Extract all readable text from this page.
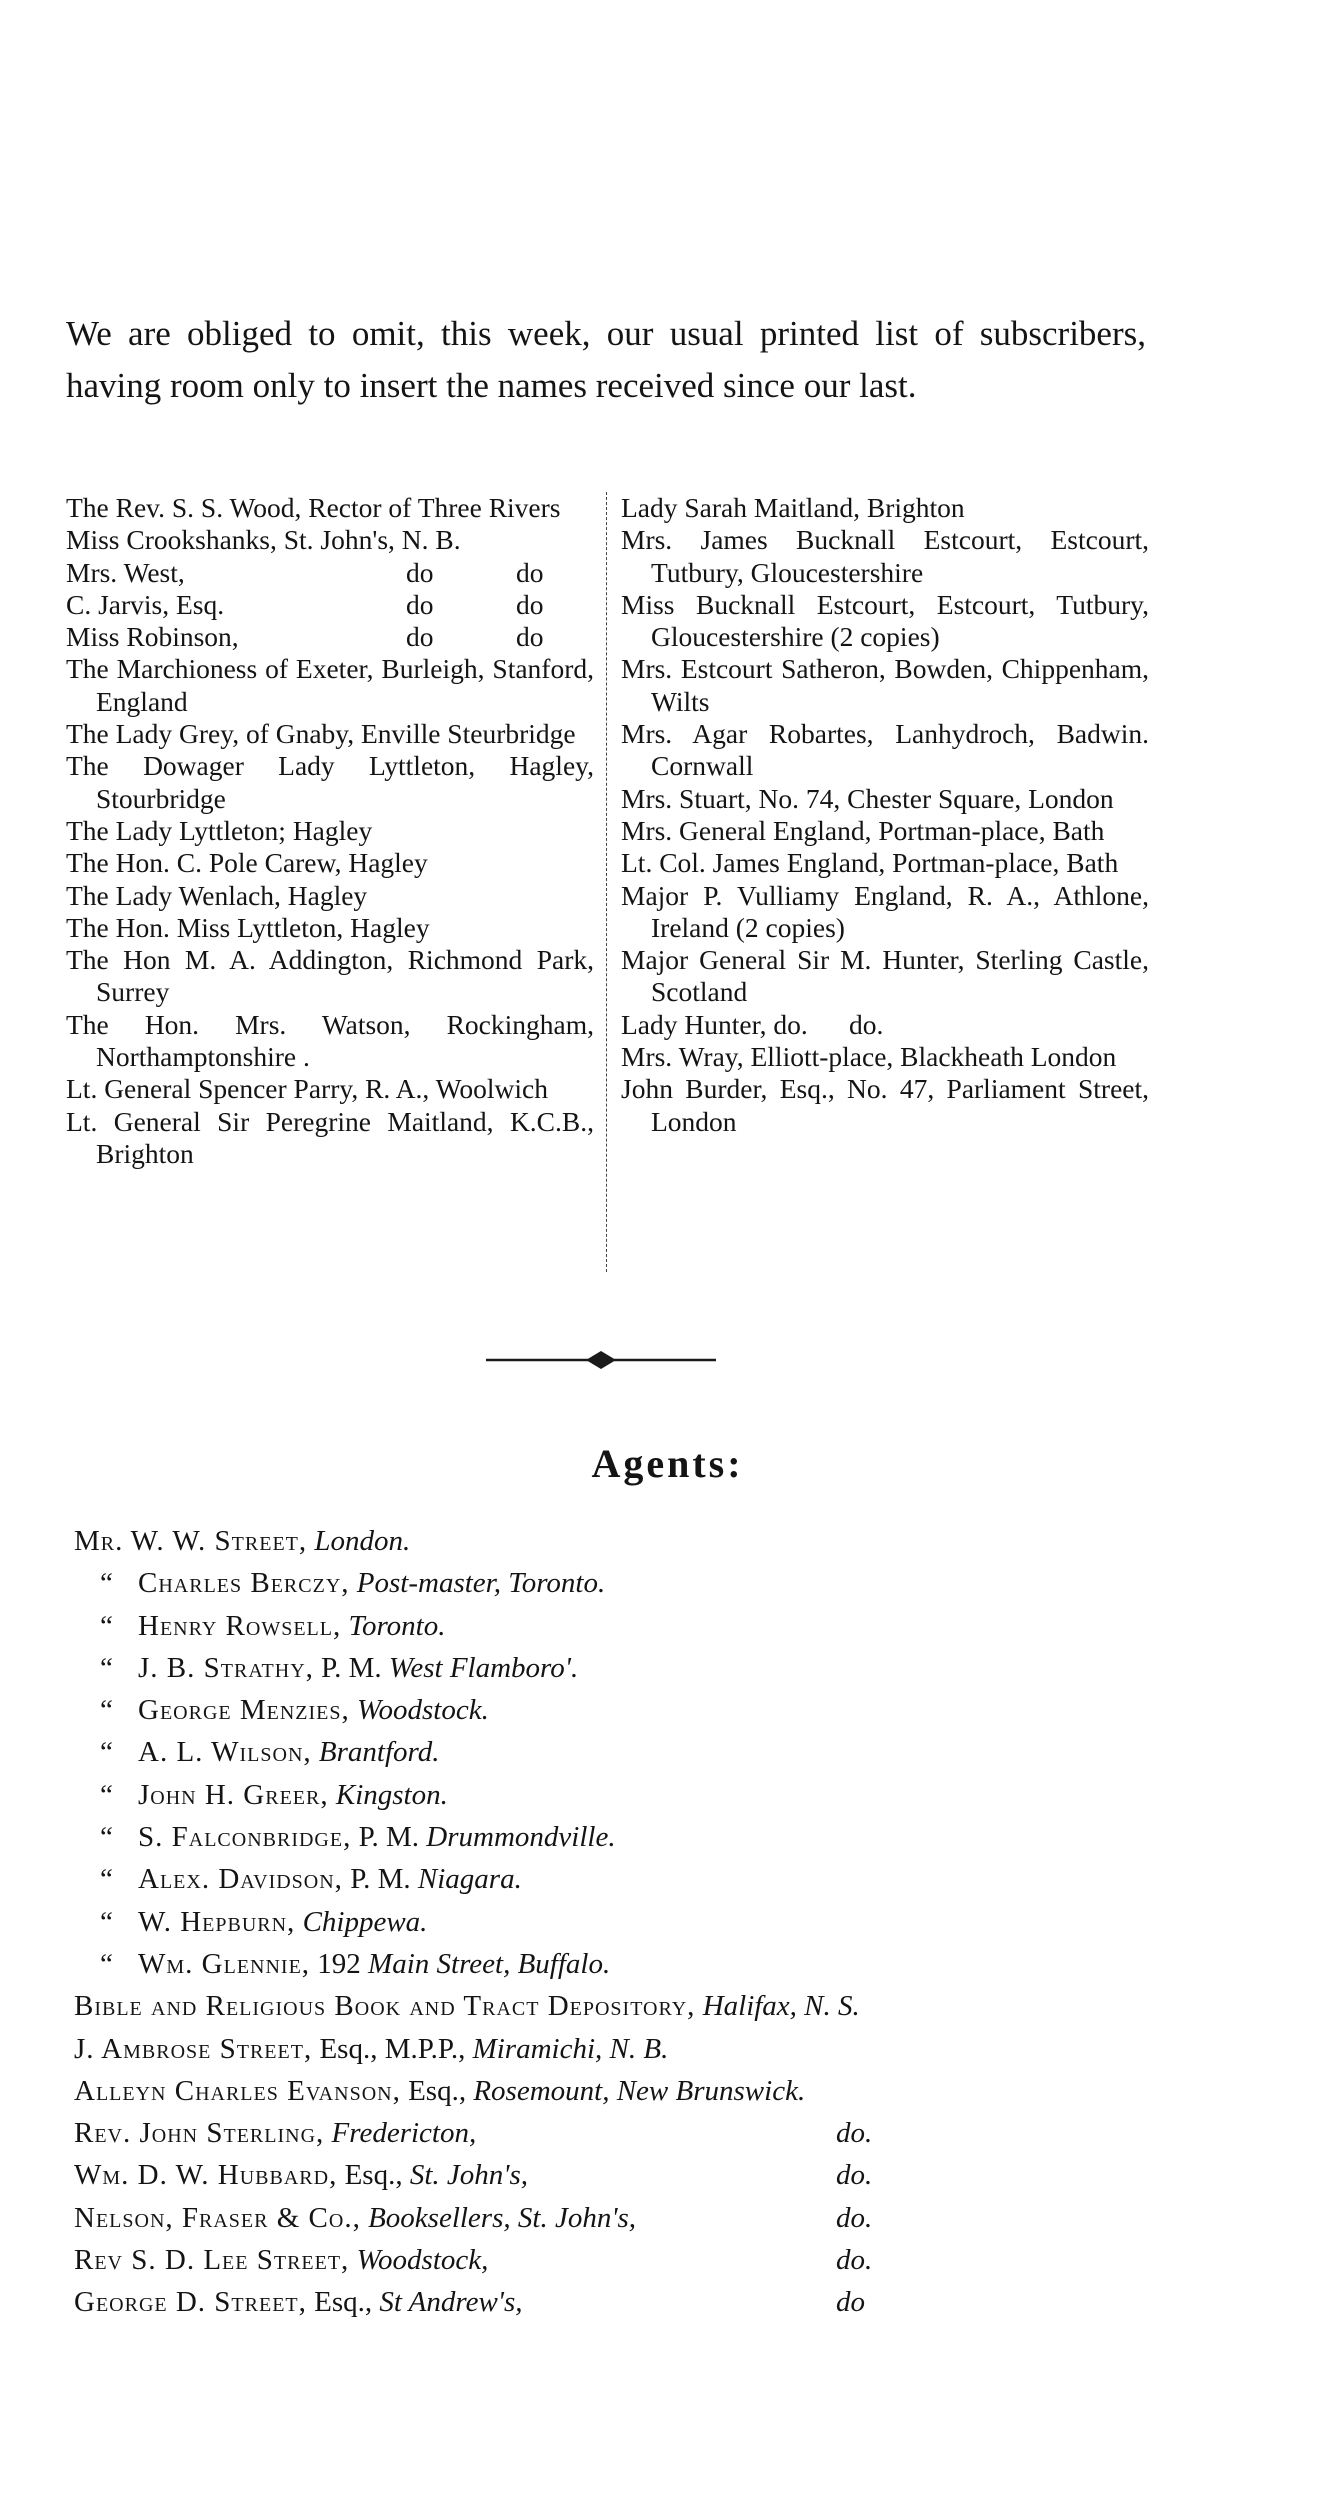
We are obliged to omit, this week, our usual printed list of subscribers, having room only to insert the names received since our last.

The Rev. S. S. Wood, Rector of Three Rivers
Miss Crookshanks, St. John's, N. B.
Mrs. West,	do	do
C. Jarvis, Esq.	do	do
Miss Robinson,	do	do
The Marchioness of Exeter, Burleigh, Stanford, England
The Lady Grey, of Gnaby, Enville Steurbridge
The Dowager Lady Lyttleton, Hagley, Stourbridge
The Lady Lyttleton; Hagley
The Hon. C. Pole Carew, Hagley
The Lady Wenlach, Hagley
The Hon. Miss Lyttleton, Hagley
The Hon M. A. Addington, Richmond Park, Surrey
The Hon. Mrs. Watson, Rockingham, Northamptonshire .
Lt. General Spencer Parry, R. A., Woolwich
Lt. General Sir Peregrine Maitland, K.C.B., Brighton
Lady Sarah Maitland, Brighton
Mrs. James Bucknall Estcourt, Estcourt, Tutbury, Gloucestershire
Miss Bucknall Estcourt, Estcourt, Tutbury, Gloucestershire (2 copies)
Mrs. Estcourt Satheron, Bowden, Chippenham, Wilts
Mrs. Agar Robartes, Lanhydroch, Badwin. Cornwall
Mrs. Stuart, No. 74, Chester Square, London
Mrs. General England, Portman-place, Bath
Lt. Col. James England, Portman-place, Bath
Major P. Vulliamy England, R. A., Athlone, Ireland (2 copies)
Major General Sir M. Hunter, Sterling Castle, Scotland
Lady Hunter, do.      do.
Mrs. Wray, Elliott-place, Blackheath London
John Burder, Esq., No. 47, Parliament Street, London
Agents:
Mr. W. W. Street, London.
“ Charles Berczy, Post-master, Toronto.
“ Henry Rowsell, Toronto.
“ J. B. Strathy, P. M. West Flamboro'.
“ George Menzies, Woodstock.
“ A. L. Wilson, Brantford.
“ John H. Greer, Kingston.
“ S. Falconbridge, P. M. Drummondville.
“ Alex. Davidson, P. M. Niagara.
“ W. Hepburn, Chippewa.
“ Wm. Glennie, 192 Main Street, Buffalo.
Bible and Religious Book and Tract Depository, Halifax, N. S.
J. Ambrose Street, Esq., M.P.P., Miramichi, N. B.
Alleyn Charles Evanson, Esq., Rosemount, New Brunswick.
Rev. John Sterling, Fredericton,	do.
Wm. D. W. Hubbard, Esq., St. John's,	do.
Nelson, Fraser & Co., Booksellers, St. John's,	do.
Rev S. D. Lee Street, Woodstock,	do.
George D. Street, Esq., St Andrew's,	do
